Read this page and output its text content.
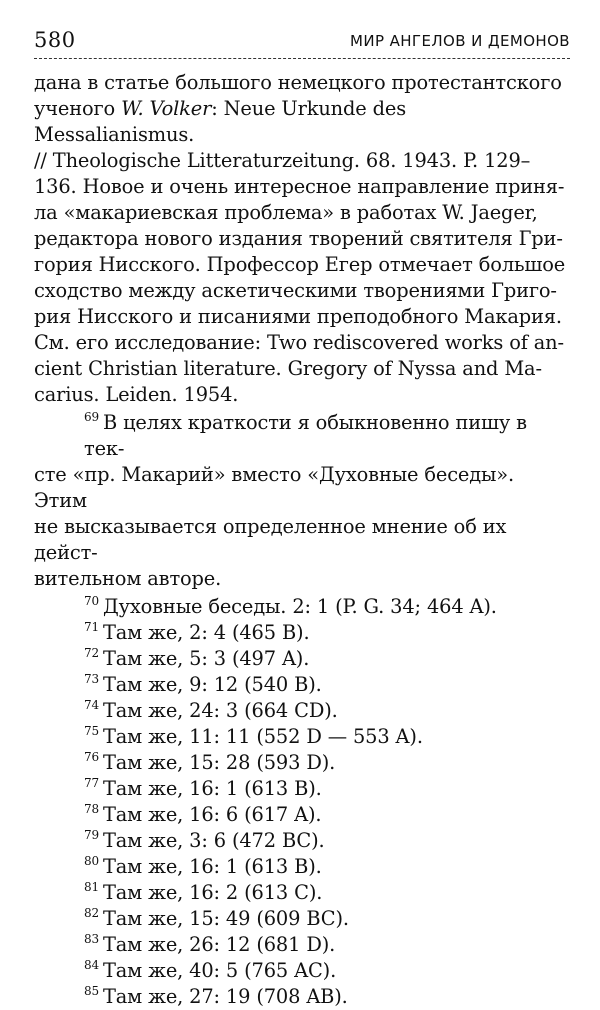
580	МИР АНГЕЛОВ И ДЕМОНОВ

дана в статье большого немецкого протестантского
ученого W. Volker: Neue Urkunde des Messalianismus.
// Theologische Litteraturzeitung. 68. 1943. P. 129–
136. Новое и очень интересное направление приня-
ла «макариевская проблема» в работах W. Jaeger,
редактора нового издания творений святителя Гри-
гория Нисского. Профессор Егер отмечает большое
сходство между аскетическими творениями Григо-
рия Нисского и писаниями преподобного Макария.
См. его исследование: Two rediscovered works of an-
cient Christian literature. Gregory of Nyssa and Ma-
carius. Leiden. 1954.

$^{69}$ В целях краткости я обыкновенно пишу в тек-
сте «пр. Макарий» вместо «Духовные беседы». Этим
не высказывается определенное мнение об их дейст-
вительном авторе.

$^{70}$ Духовные беседы. 2: 1 (P. G. 34; 464 A).
$^{71}$ Там же, 2: 4 (465 B).
$^{72}$ Там же, 5: 3 (497 A).
$^{73}$ Там же, 9: 12 (540 B).
$^{74}$ Там же, 24: 3 (664 CD).
$^{75}$ Там же, 11: 11 (552 D — 553 A).
$^{76}$ Там же, 15: 28 (593 D).
$^{77}$ Там же, 16: 1 (613 B).
$^{78}$ Там же, 16: 6 (617 A).
$^{79}$ Там же, 3: 6 (472 BC).
$^{80}$ Там же, 16: 1 (613 B).
$^{81}$ Там же, 16: 2 (613 C).
$^{82}$ Там же, 15: 49 (609 BC).
$^{83}$ Там же, 26: 12 (681 D).
$^{84}$ Там же, 40: 5 (765 AC).
$^{85}$ Там же, 27: 19 (708 AB).
